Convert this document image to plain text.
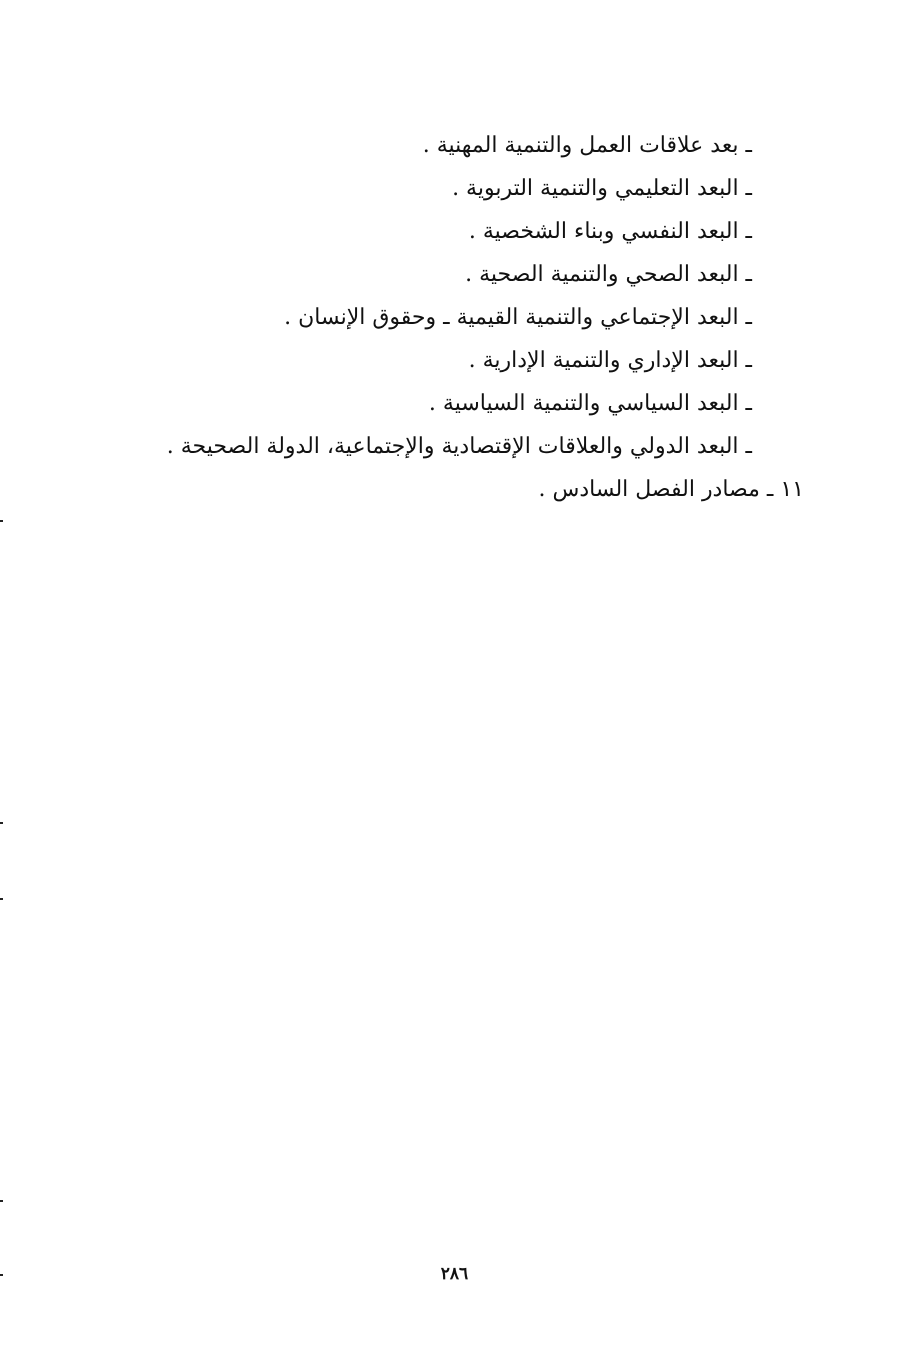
ـ بعد علاقات العمل والتنمية المهنية .
ـ البعد التعليمي والتنمية التربوية .
ـ البعد النفسي وبناء الشخصية .
ـ البعد الصحي والتنمية الصحية .
ـ البعد الإجتماعي والتنمية القيمية ـ وحقوق الإنسان .
ـ البعد الإداري والتنمية الإدارية .
ـ البعد السياسي والتنمية السياسية .
ـ البعد الدولي والعلاقات الإقتصادية والإجتماعية، الدولة الصحيحة .
١١ ـ مصادر الفصل السادس .
٢٨٦
